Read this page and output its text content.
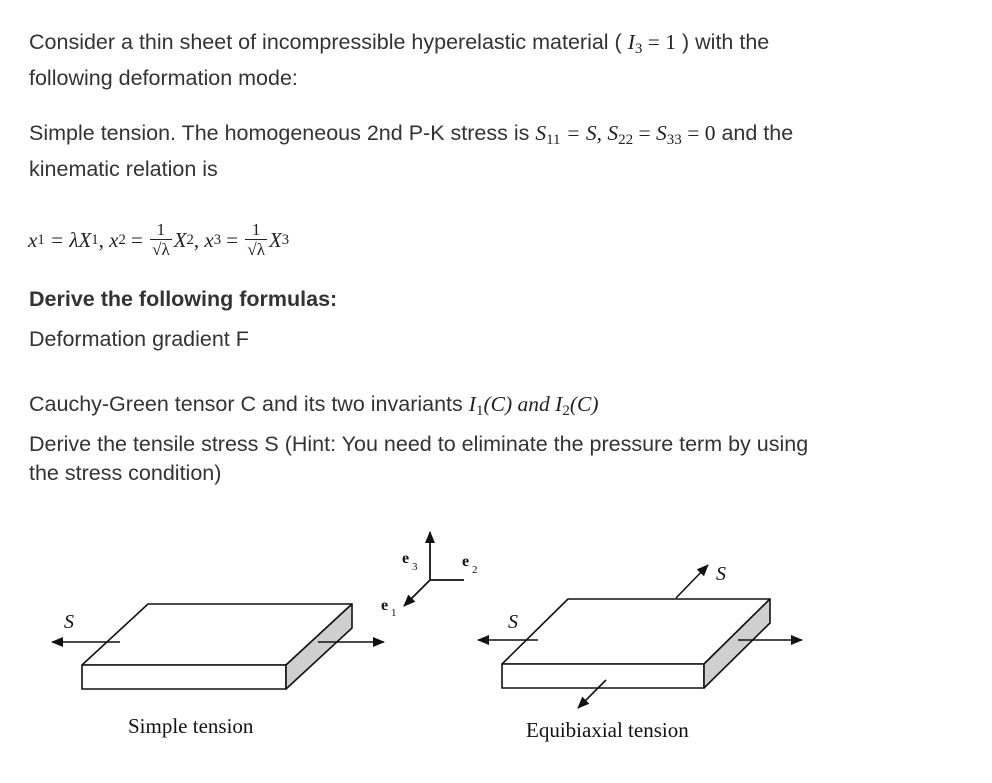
Consider a thin sheet of incompressible hyperelastic material ( $I_3 = 1$ ) with the
following deformation mode:

Simple tension. The homogeneous 2nd P-K stress is $S_{11} = S$, $S_{22} = S_{33} = 0$ and the
kinematic relation is

x 1 = λX 1 , x $2 = \frac{1}{√\lambda}$ X 2 , x $3 = \frac{1}{√\lambda}$ X 3

Derive the following formulas:

Deformation gradient F

Cauchy-Green tensor C and its two invariants $I_1(C)$ and $I_2(C)$

Derive the tensile stress S (Hint: You need to eliminate the pressure term by using
the stress condition)

S
Simple tension
e 3	e 2
e 1
S
S
Equibiaxial tension
